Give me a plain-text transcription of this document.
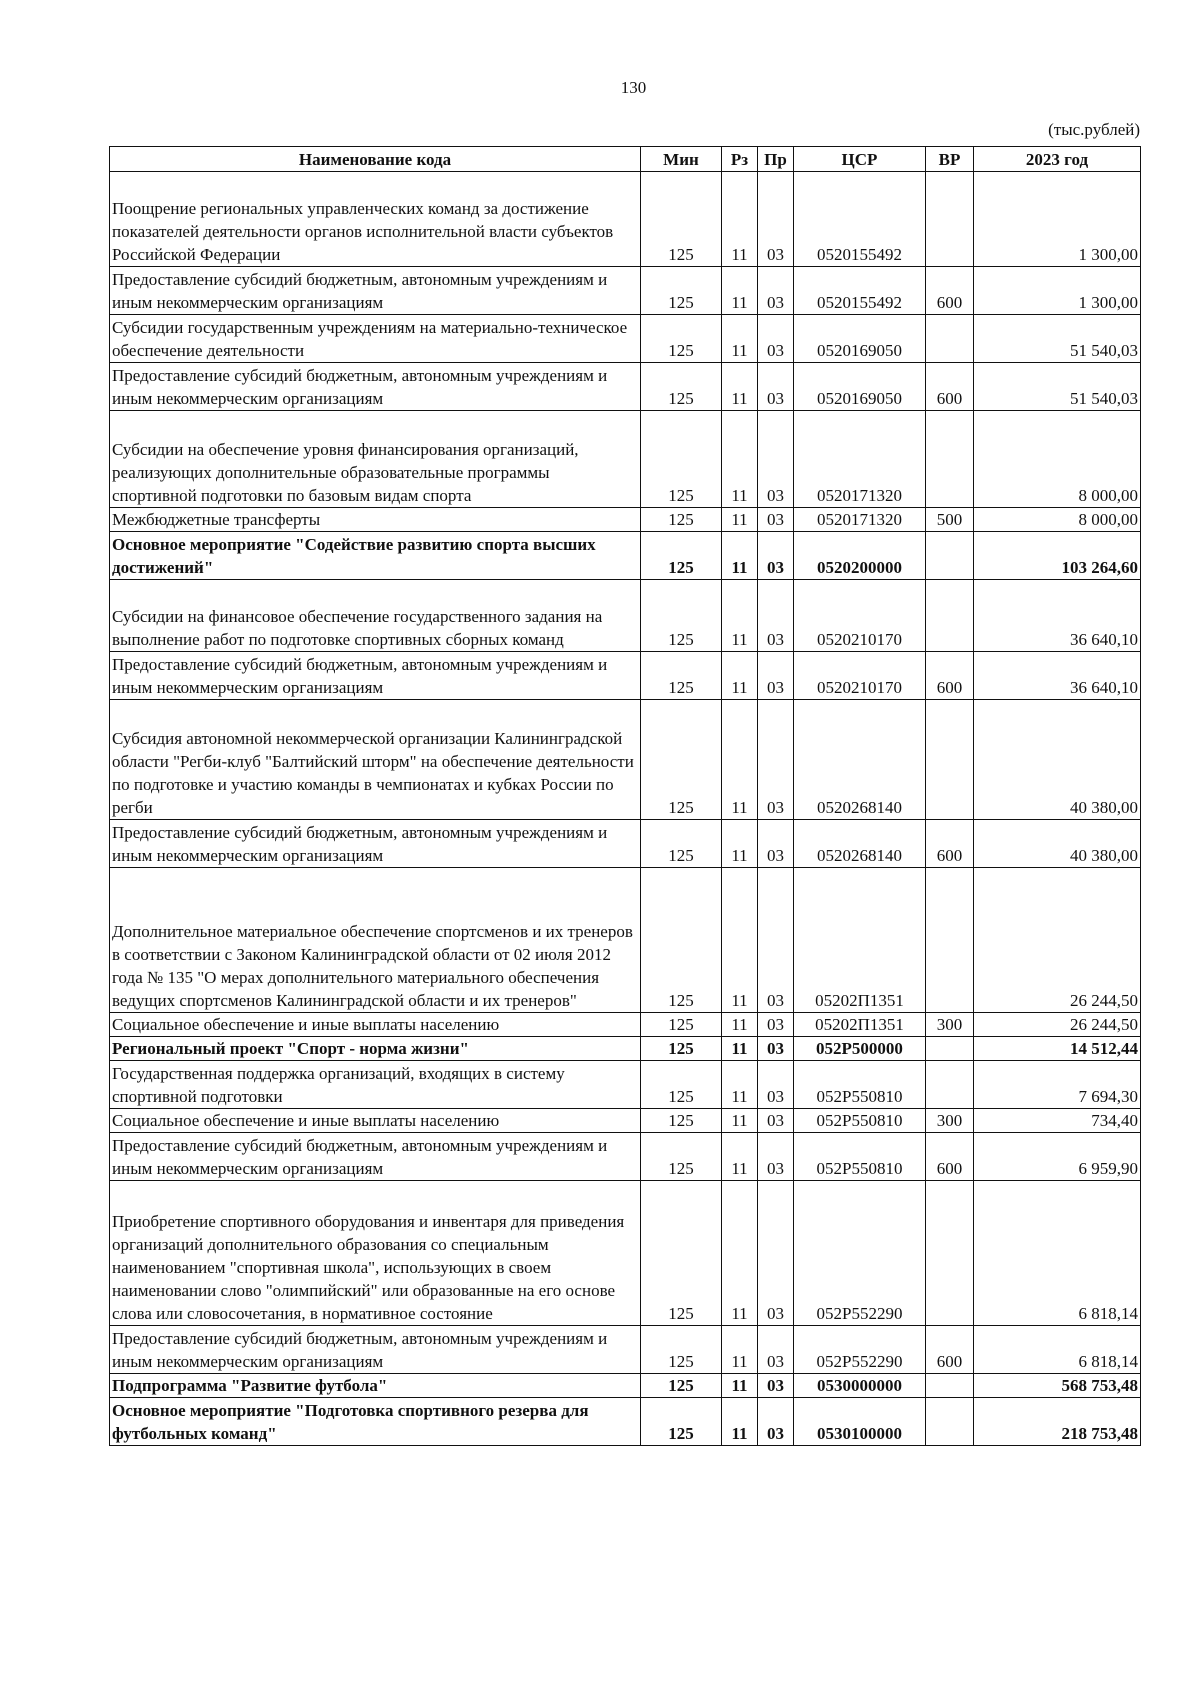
130
(тыс.рублей)
Наименование кода	Мин	Рз	Пр	ЦСР	ВР	2023 год
Поощрение региональных управленческих команд за достижение показателей деятельности органов исполнительной власти субъектов Российской Федерации	125	11	03	0520155492		1 300,00
Предоставление субсидий бюджетным, автономным учреждениям и иным некоммерческим организациям	125	11	03	0520155492	600	1 300,00
Субсидии государственным учреждениям на материально-техническое обеспечение деятельности	125	11	03	0520169050		51 540,03
Предоставление субсидий бюджетным, автономным учреждениям и иным некоммерческим организациям	125	11	03	0520169050	600	51 540,03
Субсидии на обеспечение уровня финансирования организаций, реализующих дополнительные образовательные программы спортивной подготовки по базовым видам спорта	125	11	03	0520171320		8 000,00
Межбюджетные трансферты	125	11	03	0520171320	500	8 000,00
Основное мероприятие "Содействие развитию спорта высших достижений"	125	11	03	0520200000		103 264,60
Субсидии на финансовое обеспечение государственного задания на выполнение работ по подготовке спортивных сборных команд	125	11	03	0520210170		36 640,10
Предоставление субсидий бюджетным, автономным учреждениям и иным некоммерческим организациям	125	11	03	0520210170	600	36 640,10
Субсидия автономной некоммерческой организации Калининградской области "Регби-клуб "Балтийский шторм" на обеспечение деятельности по подготовке и участию команды в чемпионатах и кубках России по регби	125	11	03	0520268140		40 380,00
Предоставление субсидий бюджетным, автономным учреждениям и иным некоммерческим организациям	125	11	03	0520268140	600	40 380,00
Дополнительное материальное обеспечение спортсменов и их тренеров в соответствии с Законом Калининградской области от 02 июля 2012 года № 135 "О мерах дополнительного материального обеспечения ведущих спортсменов Калининградской области и их тренеров"	125	11	03	05202П1351		26 244,50
Социальное обеспечение и иные выплаты населению	125	11	03	05202П1351	300	26 244,50
Региональный проект "Спорт - норма жизни"	125	11	03	052P500000		14 512,44
Государственная поддержка организаций, входящих в систему спортивной подготовки	125	11	03	052P550810		7 694,30
Социальное обеспечение и иные выплаты населению	125	11	03	052P550810	300	734,40
Предоставление субсидий бюджетным, автономным учреждениям и иным некоммерческим организациям	125	11	03	052P550810	600	6 959,90
Приобретение спортивного оборудования и инвентаря для приведения организаций дополнительного образования со специальным наименованием "спортивная школа", использующих в своем наименовании слово "олимпийский" или образованные на его основе слова или словосочетания, в нормативное состояние	125	11	03	052P552290		6 818,14
Предоставление субсидий бюджетным, автономным учреждениям и иным некоммерческим организациям	125	11	03	052P552290	600	6 818,14
Подпрограмма "Развитие футбола"	125	11	03	0530000000		568 753,48
Основное мероприятие "Подготовка спортивного резерва для футбольных команд"	125	11	03	0530100000		218 753,48
